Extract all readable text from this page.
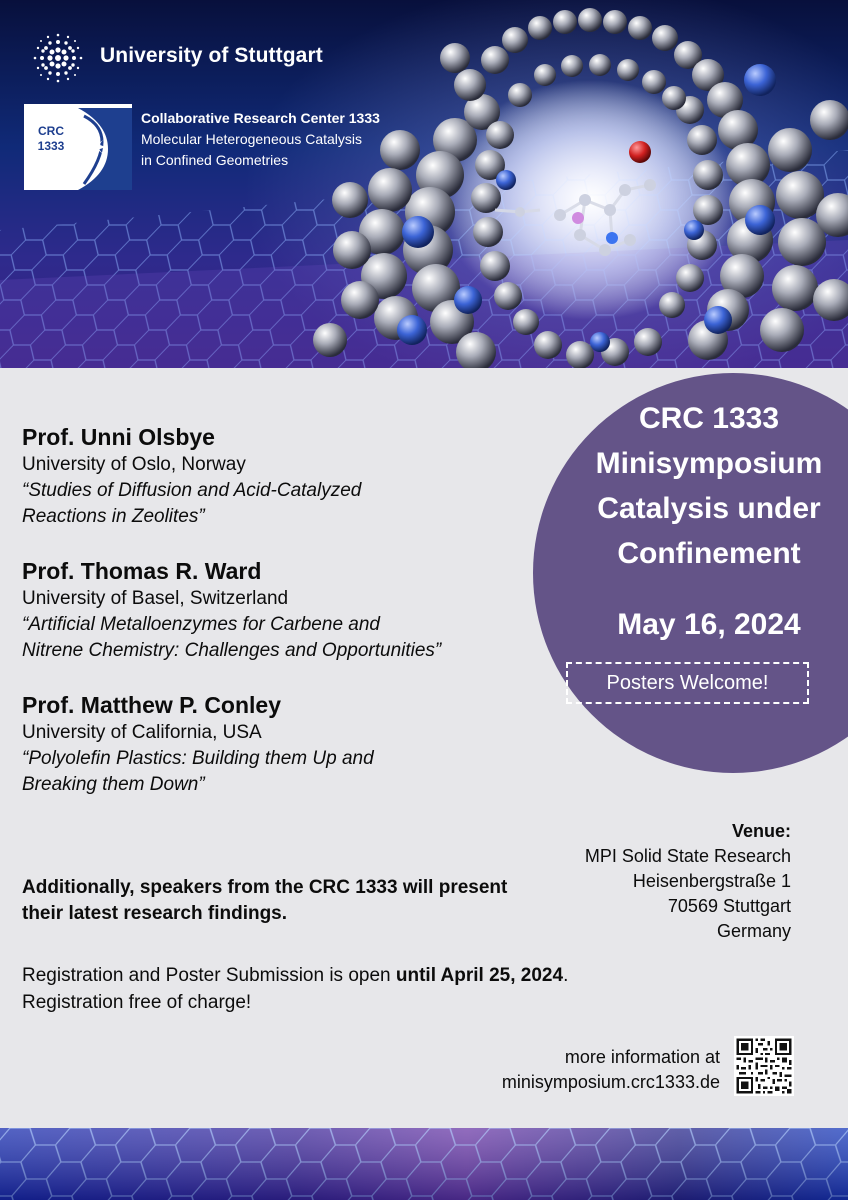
University of Stuttgart
CRC 1333
Collaborative Research Center 1333
Molecular Heterogeneous Catalysis
in Confined Geometries
CRC 1333
Minisymposium
Catalysis under
Confinement
May 16, 2024
Posters Welcome!
Prof. Unni Olsbye
University of Oslo, Norway
“Studies of Diffusion and Acid-Catalyzed
Reactions in Zeolites”
Prof. Thomas R. Ward
University of Basel, Switzerland
“Artificial Metalloenzymes for Carbene and
Nitrene Chemistry: Challenges and Opportunities”
Prof. Matthew P. Conley
University of California, USA
“Polyolefin Plastics: Building them Up and
Breaking them Down”
Additionally, speakers from the CRC 1333 will present
their latest research findings.
Venue:
MPI Solid State Research
Heisenbergstraße 1
70569 Stuttgart
Germany
Registration and Poster Submission is open until April 25, 2024.
Registration free of charge!
more information at
minisymposium.crc1333.de
